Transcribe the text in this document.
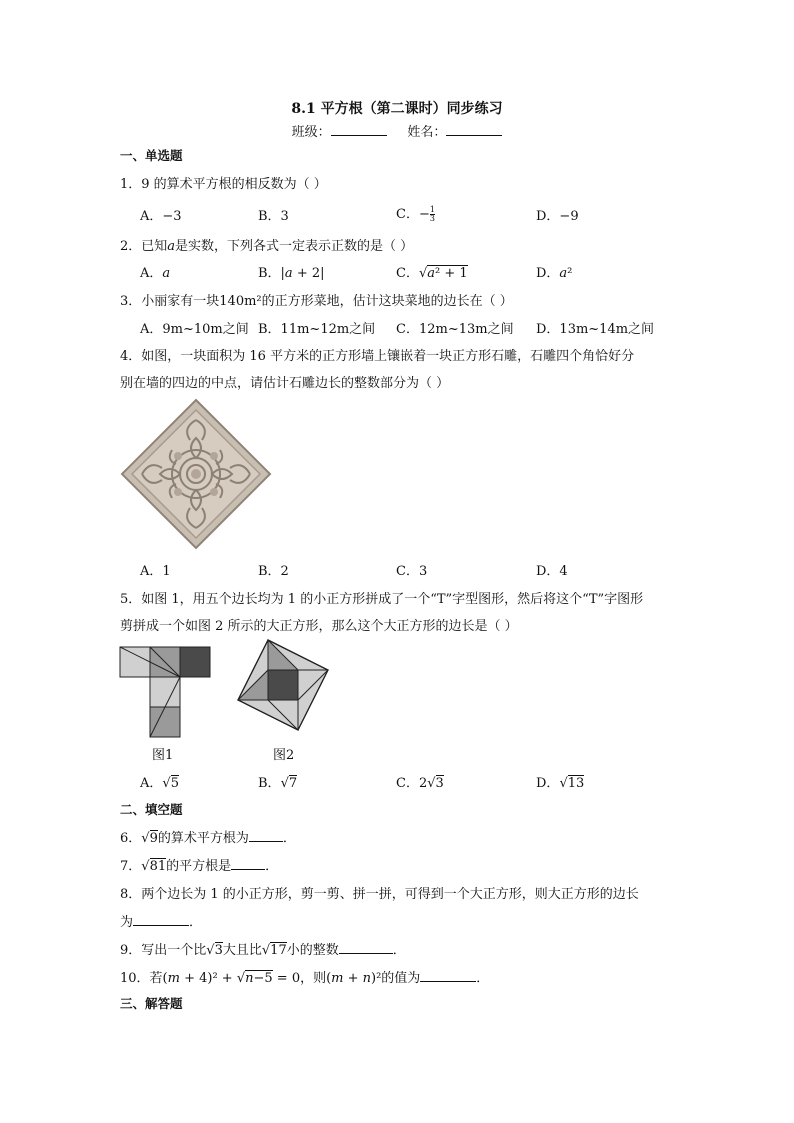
8.1 平方根（第二课时）同步练习
班级：	姓名：
一、单选题
1．9 的算术平方根的相反数为（ ）
A．−3	B．3	C．− $\frac{1}{3}$	D．−9
2．已知𝑎是实数，下列各式一定表示正数的是（ ）
A．𝑎	B．|𝑎 + 2|	C．√𝑎² + 1	D．𝑎²
3．小丽家有一块140m²的正方形菜地，估计这块菜地的边长在（ ）
A．9m~10m之间 B．11m~12m之间 C．12m~13m之间 D．13m~14m之间
4．如图，一块面积为 16 平方米的正方形墙上镶嵌着一块正方形石雕，石雕四个角恰好分
别在墙的四边的中点，请估计石雕边长的整数部分为（ ）
A．1	B．2	C．3	D．4
5．如图 1，用五个边长均为 1 的小正方形拼成了一个“T”字型图形，然后将这个“T”字图形
剪拼成一个如图 2 所示的大正方形，那么这个大正方形的边长是（ ）
图1	图2
A．√5	B．√7	C．2√3	D．√13
二、填空题
6．√9的算术平方根为	．
7．√81的平方根是	．
8．两个边长为 1 的小正方形，剪一剪、拼一拼，可得到一个大正方形，则大正方形的边长
为	．
9．写出一个比√3大且比√17小的整数	．
10．若(𝑚 + 4)² + √𝑛−5 = 0，则(𝑚 + 𝑛)²的值为	．
三、解答题
